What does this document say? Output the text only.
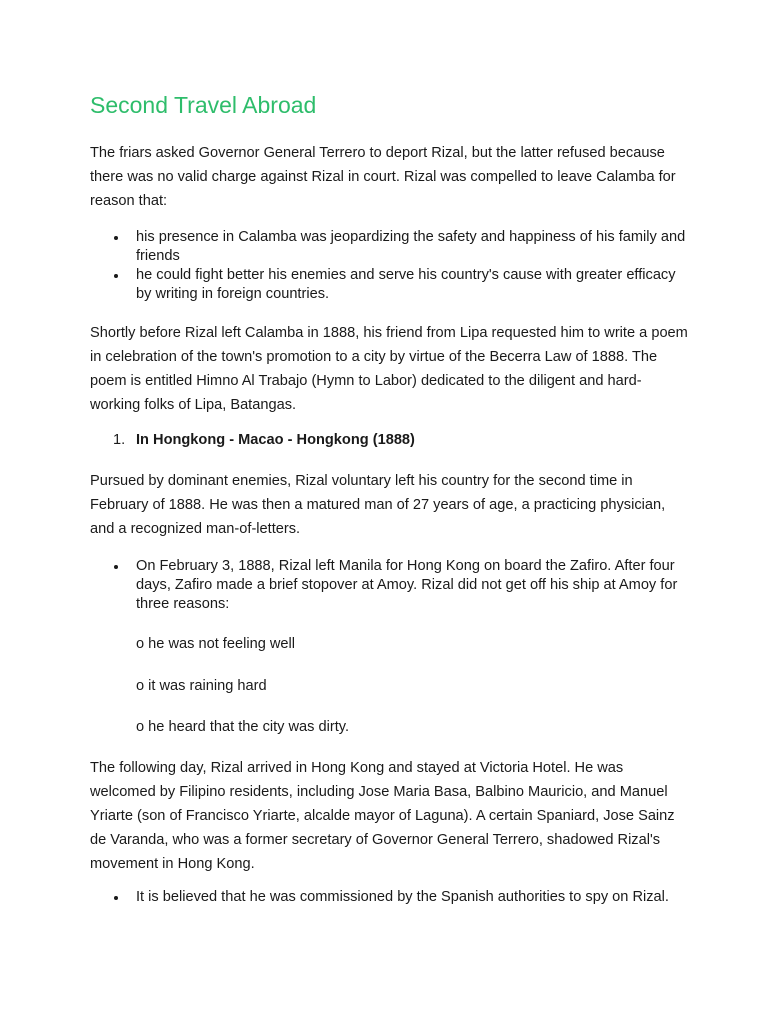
Second Travel Abroad

The friars asked Governor General Terrero to deport Rizal, but the latter refused because there was no valid charge against Rizal in court. Rizal was compelled to leave Calamba for reason that:

his presence in Calamba was jeopardizing the safety and happiness of his family and friends
he could fight better his enemies and serve his country's cause with greater efficacy by writing in foreign countries.

Shortly before Rizal left Calamba in 1888, his friend from Lipa requested him to write a poem in celebration of the town's promotion to a city by virtue of the Becerra Law of 1888. The poem is entitled Himno Al Trabajo (Hymn to Labor) dedicated to the diligent and hard-working folks of Lipa, Batangas.

1. In Hongkong - Macao - Hongkong (1888)

Pursued by dominant enemies, Rizal voluntary left his country for the second time in February of 1888. He was then a matured man of 27 years of age, a practicing physician, and a recognized man-of-letters.

On February 3, 1888, Rizal left Manila for Hong Kong on board the Zafiro. After four days, Zafiro made a brief stopover at Amoy. Rizal did not get off his ship at Amoy for three reasons:
o he was not feeling well
o it was raining hard
o he heard that the city was dirty.

The following day, Rizal arrived in Hong Kong and stayed at Victoria Hotel. He was welcomed by Filipino residents, including Jose Maria Basa, Balbino Mauricio, and Manuel Yriarte (son of Francisco Yriarte, alcalde mayor of Laguna). A certain Spaniard, Jose Sainz de Varanda, who was a former secretary of Governor General Terrero, shadowed Rizal's movement in Hong Kong.

It is believed that he was commissioned by the Spanish authorities to spy on Rizal.
